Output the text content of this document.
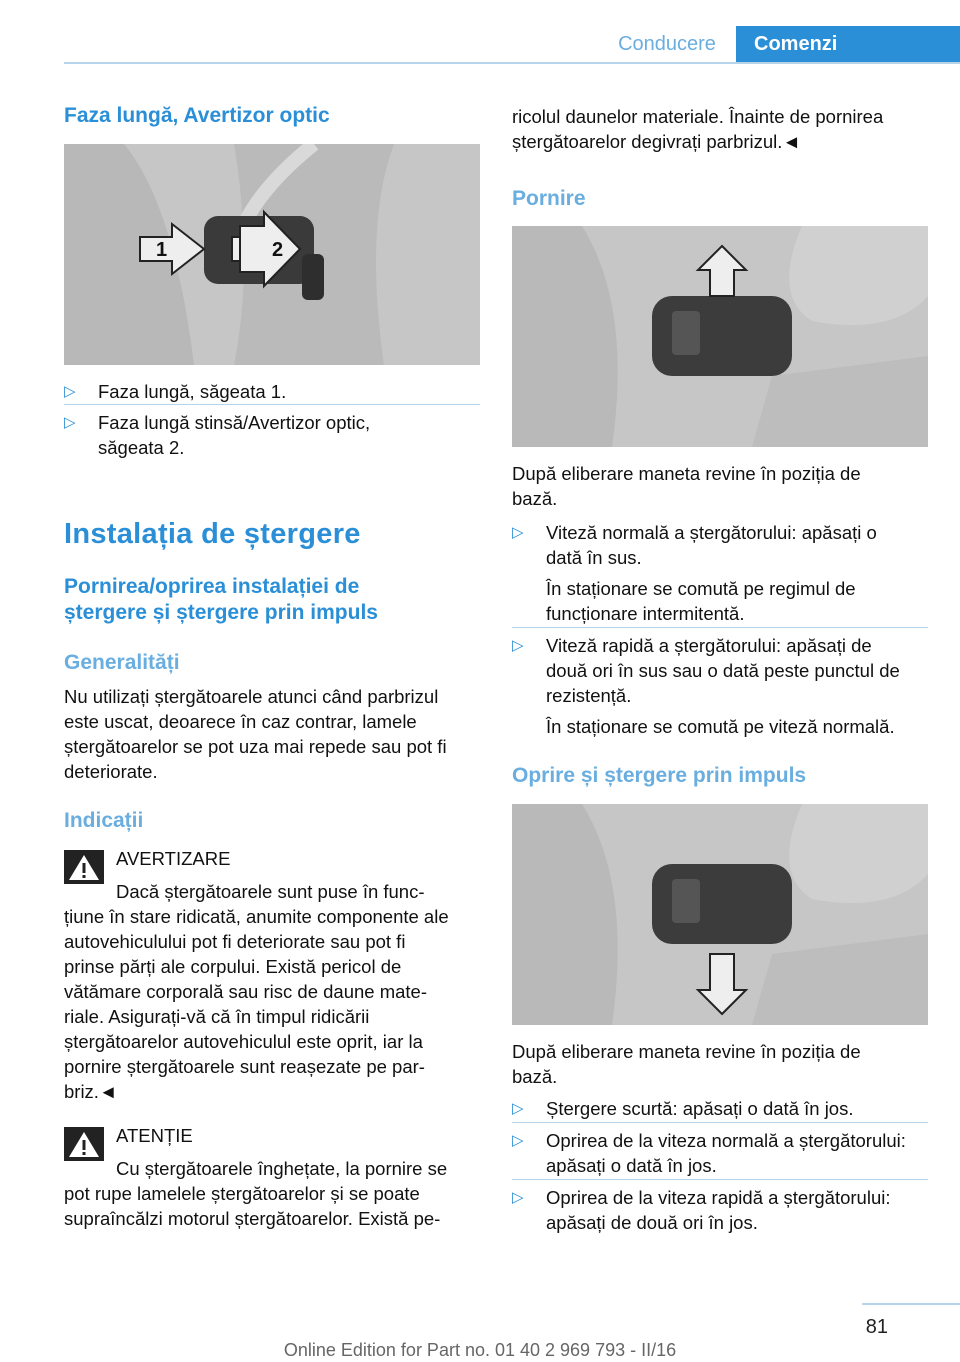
Conducere	Comenzi
Faza lungă, Avertizor optic
1	2
▷ Faza lungă, săgeata 1.
▷ Faza lungă stinsă/Avertizor optic,
săgeata 2.
Instalația de ștergere
Pornirea/oprirea instalației de
ștergere și ștergere prin impuls
Generalități

Nu utilizați ștergătoarele atunci când parbrizul

este uscat, deoarece în caz contrar, lamele

ștergătoarelor se pot uza mai repede sau pot fi

deteriorate.

Indicații

AVERTIZARE

Dacă ștergătoarele sunt puse în func-

țiune în stare ridicată, anumite componente ale

autovehiculului pot fi deteriorate sau pot fi

prinse părți ale corpului. Există pericol de

vătămare corporală sau risc de daune mate-

riale. Asigurați-vă că în timpul ridicării

ștergătoarelor autovehiculul este oprit, iar la

pornire ștergătoarele sunt reașezate pe par-

briz.◄

ATENȚIE

Cu ștergătoarele înghețate, la pornire se

pot rupe lamelele ștergătoarelor și se poate

supraîncălzi motorul ștergătoarelor. Există pe-

ricolul daunelor materiale. Înainte de pornirea

ștergătoarelor degivrați parbrizul.◄

Pornire

După eliberare maneta revine în poziția de

bază.

▷ Viteză normală a ștergătorului: apăsați o

dată în sus.

În staționare se comută pe regimul de

funcționare intermitentă.

▷ Viteză rapidă a ștergătorului: apăsați de

două ori în sus sau o dată peste punctul de

rezistență.

În staționare se comută pe viteză normală.

Oprire și ștergere prin impuls

După eliberare maneta revine în poziția de

bază.

▷ Ștergere scurtă: apăsați o dată în jos.
▷ Oprirea de la viteza normală a ștergătorului:

apăsați o dată în jos.

▷ Oprirea de la viteza rapidă a ștergătorului:

apăsați de două ori în jos.

81
Online Edition for Part no. 01 40 2 969 793 - II/16
